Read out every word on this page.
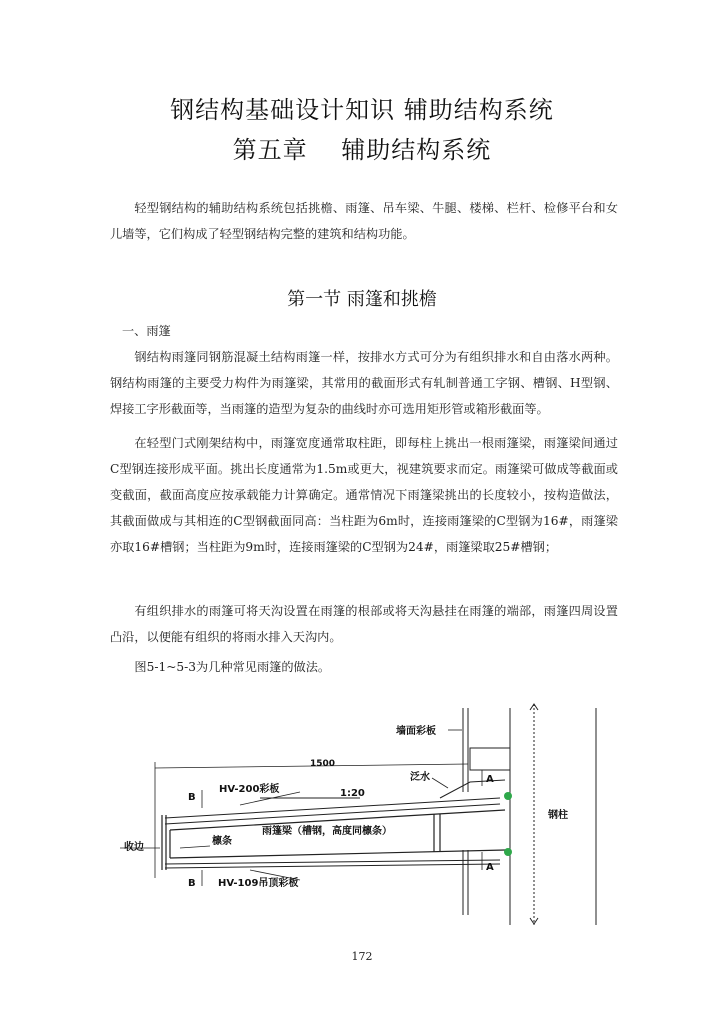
钢结构基础设计知识 辅助结构系统
第五章　 辅助结构系统
轻型钢结构的辅助结构系统包括挑檐、雨篷、吊车梁、牛腿、楼梯、栏杆、检修平台和女儿墙等，它们构成了轻型钢结构完整的建筑和结构功能。
第一节 雨篷和挑檐
一、雨篷
钢结构雨篷同钢筋混凝土结构雨篷一样，按排水方式可分为有组织排水和自由落水两种。钢结构雨篷的主要受力构件为雨篷梁，其常用的截面形式有轧制普通工字钢、槽钢、H型钢、焊接工字形截面等，当雨篷的造型为复杂的曲线时亦可选用矩形管或箱形截面等。
在轻型门式刚架结构中，雨篷宽度通常取柱距，即每柱上挑出一根雨篷梁，雨篷梁间通过C型钢连接形成平面。挑出长度通常为1.5m或更大，视建筑要求而定。雨篷梁可做成等截面或变截面，截面高度应按承载能力计算确定。通常情况下雨篷梁挑出的长度较小，按构造做法，其截面做成与其相连的C型钢截面同高：当柱距为6m时，连接雨篷梁的C型钢为16#，雨篷梁亦取16#槽钢；当柱距为9m时，连接雨篷梁的C型钢为24#，雨篷梁取25#槽钢；
有组织排水的雨篷可将天沟设置在雨篷的根部或将天沟悬挂在雨篷的端部，雨篷四周设置凸沿，以便能有组织的将雨水排入天沟内。
图5-1~5-3为几种常见雨篷的做法。
墙面彩板
1500
HV-200彩板	1:20
泛水
B
B
A
A
檩条
雨篷梁（槽钢，高度同檩条）
收边
HV-109吊顶彩板
钢柱
172
